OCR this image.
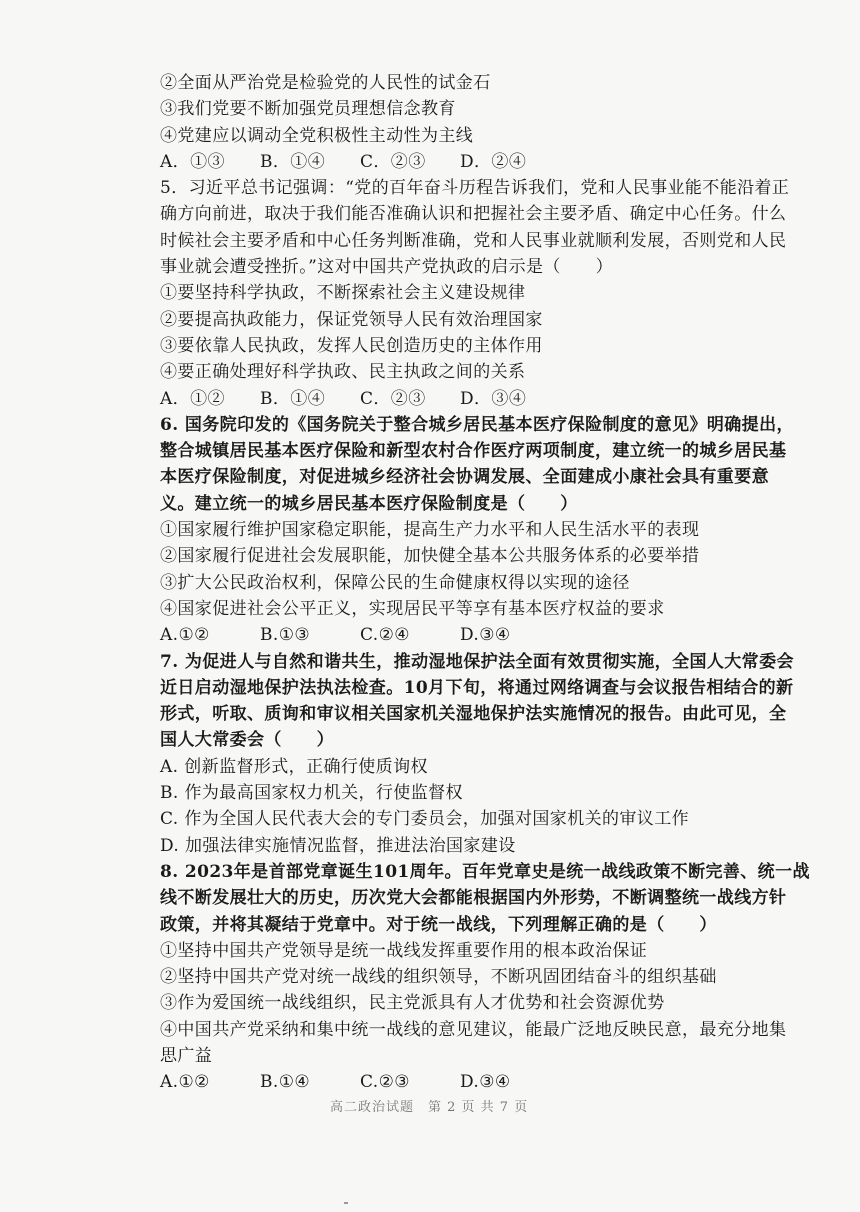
②全面从严治党是检验党的人民性的试金石
③我们党要不断加强党员理想信念教育
④党建应以调动全党积极性主动性为主线
A．①③	B．①④	C．②③	D．②④
5．习近平总书记强调：“党的百年奋斗历程告诉我们，党和人民事业能不能沿着正
确方向前进，取决于我们能否准确认识和把握社会主要矛盾、确定中心任务。什么
时候社会主要矛盾和中心任务判断准确，党和人民事业就顺利发展，否则党和人民
事业就会遭受挫折。”这对中国共产党执政的启示是（　　）
①要坚持科学执政，不断探索社会主义建设规律
②要提高执政能力，保证党领导人民有效治理国家
③要依靠人民执政，发挥人民创造历史的主体作用
④要正确处理好科学执政、民主执政之间的关系
A．①②	B．①④	C．②③	D．③④
6. 国务院印发的《国务院关于整合城乡居民基本医疗保险制度的意见》明确提出，
整合城镇居民基本医疗保险和新型农村合作医疗两项制度，建立统一的城乡居民基
本医疗保险制度，对促进城乡经济社会协调发展、全面建成小康社会具有重要意
义。建立统一的城乡居民基本医疗保险制度是（　　）
①国家履行维护国家稳定职能，提高生产力水平和人民生活水平的表现
②国家履行促进社会发展职能，加快健全基本公共服务体系的必要举措
③扩大公民政治权利，保障公民的生命健康权得以实现的途径
④国家促进社会公平正义，实现居民平等享有基本医疗权益的要求
A.①②	B.①③	C.②④	D.③④
7. 为促进人与自然和谐共生，推动湿地保护法全面有效贯彻实施，全国人大常委会
近日启动湿地保护法执法检查。10月下旬，将通过网络调查与会议报告相结合的新
形式，听取、质询和审议相关国家机关湿地保护法实施情况的报告。由此可见，全
国人大常委会（　　）
A. 创新监督形式，正确行使质询权
B. 作为最高国家权力机关，行使监督权
C. 作为全国人民代表大会的专门委员会，加强对国家机关的审议工作
D. 加强法律实施情况监督，推进法治国家建设
8. 2023年是首部党章诞生101周年。百年党章史是统一战线政策不断完善、统一战
线不断发展壮大的历史，历次党大会都能根据国内外形势，不断调整统一战线方针
政策，并将其凝结于党章中。对于统一战线，下列理解正确的是（　　）
①坚持中国共产党领导是统一战线发挥重要作用的根本政治保证
②坚持中国共产党对统一战线的组织领导，不断巩固团结奋斗的组织基础
③作为爱国统一战线组织，民主党派具有人才优势和社会资源优势
④中国共产党采纳和集中统一战线的意见建议，能最广泛地反映民意，最充分地集
思广益
A.①②	B.①④	C.②③	D.③④
高二政治试题　第 2 页 共 7 页
